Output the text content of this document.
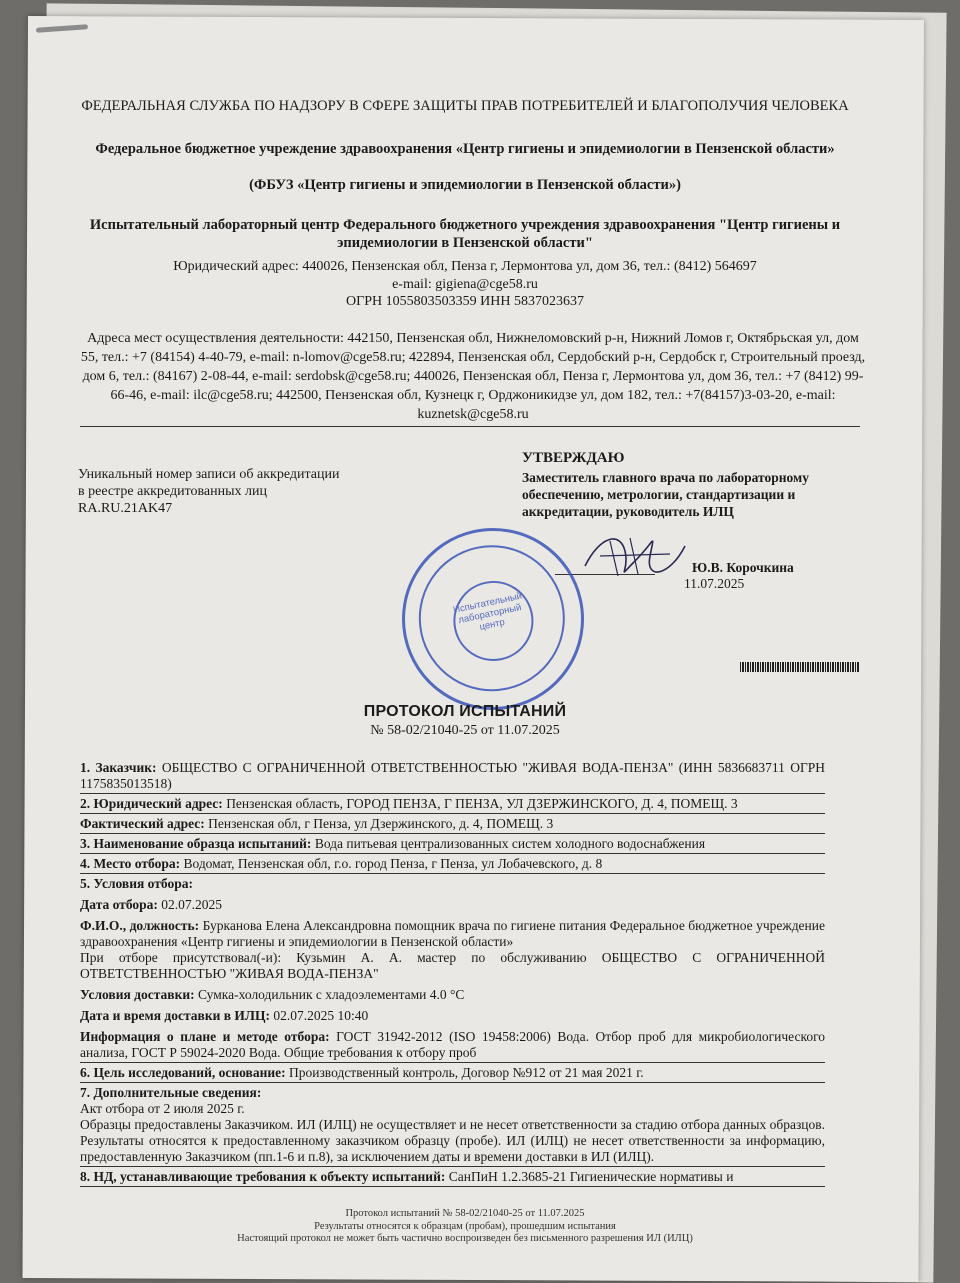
ФЕДЕРАЛЬНАЯ СЛУЖБА ПО НАДЗОРУ В СФЕРЕ ЗАЩИТЫ ПРАВ ПОТРЕБИТЕЛЕЙ И БЛАГОПОЛУЧИЯ ЧЕЛОВЕКА
Федеральное бюджетное учреждение здравоохранения «Центр гигиены и эпидемиологии в Пензенской области»
(ФБУЗ «Центр гигиены и эпидемиологии в Пензенской области»)
Испытательный лабораторный центр Федерального бюджетного учреждения здравоохранения "Центр гигиены и эпидемиологии в Пензенской области"
Юридический адрес: 440026, Пензенская обл, Пенза г, Лермонтова ул, дом 36, тел.: (8412) 564697
e-mail: gigiena@cge58.ru
ОГРН 1055803503359 ИНН 5837023637
Адреса мест осуществления деятельности: 442150, Пензенская обл, Нижнеломовский р-н, Нижний Ломов г, Октябрьская ул, дом 55, тел.: +7 (84154) 4-40-79, e-mail: n-lomov@cge58.ru; 422894, Пензенская обл, Сердобский р-н, Сердобск г, Строительный проезд, дом 6, тел.: (84167) 2-08-44, e-mail: serdobsk@cge58.ru; 440026, Пензенская обл, Пенза г, Лермонтова ул, дом 36, тел.: +7 (8412) 99-66-46, e-mail: ilc@cge58.ru; 442500, Пензенская обл, Кузнецк г, Орджоникидзе ул, дом 182, тел.: +7(84157)3-03-20, e-mail: kuznetsk@cge58.ru
Уникальный номер записи об аккредитации
в реестре аккредитованных лиц
RA.RU.21AK47
УТВЕРЖДАЮ
Заместитель главного врача по лабораторному обеспечению, метрологии, стандартизации и аккредитации, руководитель ИЛЦ
Ю.В. Корочкина
11.07.2025
Испытательный лабораторный центр
ПРОТОКОЛ ИСПЫТАНИЙ
№ 58-02/21040-25 от 11.07.2025
1. Заказчик: ОБЩЕСТВО С ОГРАНИЧЕННОЙ ОТВЕТСТВЕННОСТЬЮ "ЖИВАЯ ВОДА-ПЕНЗА" (ИНН 5836683711 ОГРН 1175835013518)
2. Юридический адрес: Пензенская область, ГОРОД ПЕНЗА, Г ПЕНЗА, УЛ ДЗЕРЖИНСКОГО, Д. 4, ПОМЕЩ. 3
Фактический адрес: Пензенская обл, г Пенза, ул Дзержинского, д. 4, ПОМЕЩ. 3
3. Наименование образца испытаний: Вода питьевая централизованных систем холодного водоснабжения
4. Место отбора: Водомат, Пензенская обл, г.о. город Пенза, г Пенза, ул Лобачевского, д. 8
5. Условия отбора:
Дата отбора: 02.07.2025
Ф.И.О., должность: Бурканова Елена Александровна помощник врача по гигиене питания Федеральное бюджетное учреждение здравоохранения «Центр гигиены и эпидемиологии в Пензенской области»
При отборе присутствовал(-и): Кузьмин А. А. мастер по обслуживанию ОБЩЕСТВО С ОГРАНИЧЕННОЙ ОТВЕТСТВЕННОСТЬЮ "ЖИВАЯ ВОДА-ПЕНЗА"
Условия доставки: Сумка-холодильник с хладоэлементами 4.0 °С
Дата и время доставки в ИЛЦ: 02.07.2025 10:40
Информация о плане и методе отбора: ГОСТ 31942-2012 (ISO 19458:2006) Вода. Отбор проб для микробиологического анализа, ГОСТ Р 59024-2020 Вода. Общие требования к отбору проб
6. Цель исследований, основание: Производственный контроль, Договор №912 от 21 мая 2021 г.
7. Дополнительные сведения:
Акт отбора от 2 июля 2025 г.
Образцы предоставлены Заказчиком. ИЛ (ИЛЦ) не осуществляет и не несет ответственности за стадию отбора данных образцов. Результаты относятся к предоставленному заказчиком образцу (пробе). ИЛ (ИЛЦ) не несет ответственности за информацию, предоставленную Заказчиком (пп.1-6 и п.8), за исключением даты и времени доставки в ИЛ (ИЛЦ).
8. НД, устанавливающие требования к объекту испытаний: СанПиН 1.2.3685-21 Гигиенические нормативы и
Протокол испытаний № 58-02/21040-25 от 11.07.2025
Результаты относятся к образцам (пробам), прошедшим испытания
Настоящий протокол не может быть частично воспроизведен без письменного разрешения ИЛ (ИЛЦ)
